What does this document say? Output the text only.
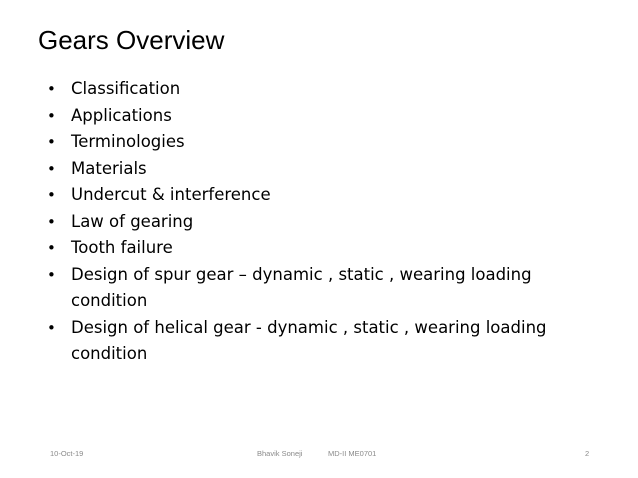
Gears Overview
• Classification
• Applications
• Terminologies
• Materials
• Undercut & interference
• Law of gearing
• Tooth failure
• Design of spur gear – dynamic , static , wearing loading condition
• Design of helical gear - dynamic , static , wearing loading condition
10-Oct-19	Bhavik Soneji	MD-II ME0701	2
